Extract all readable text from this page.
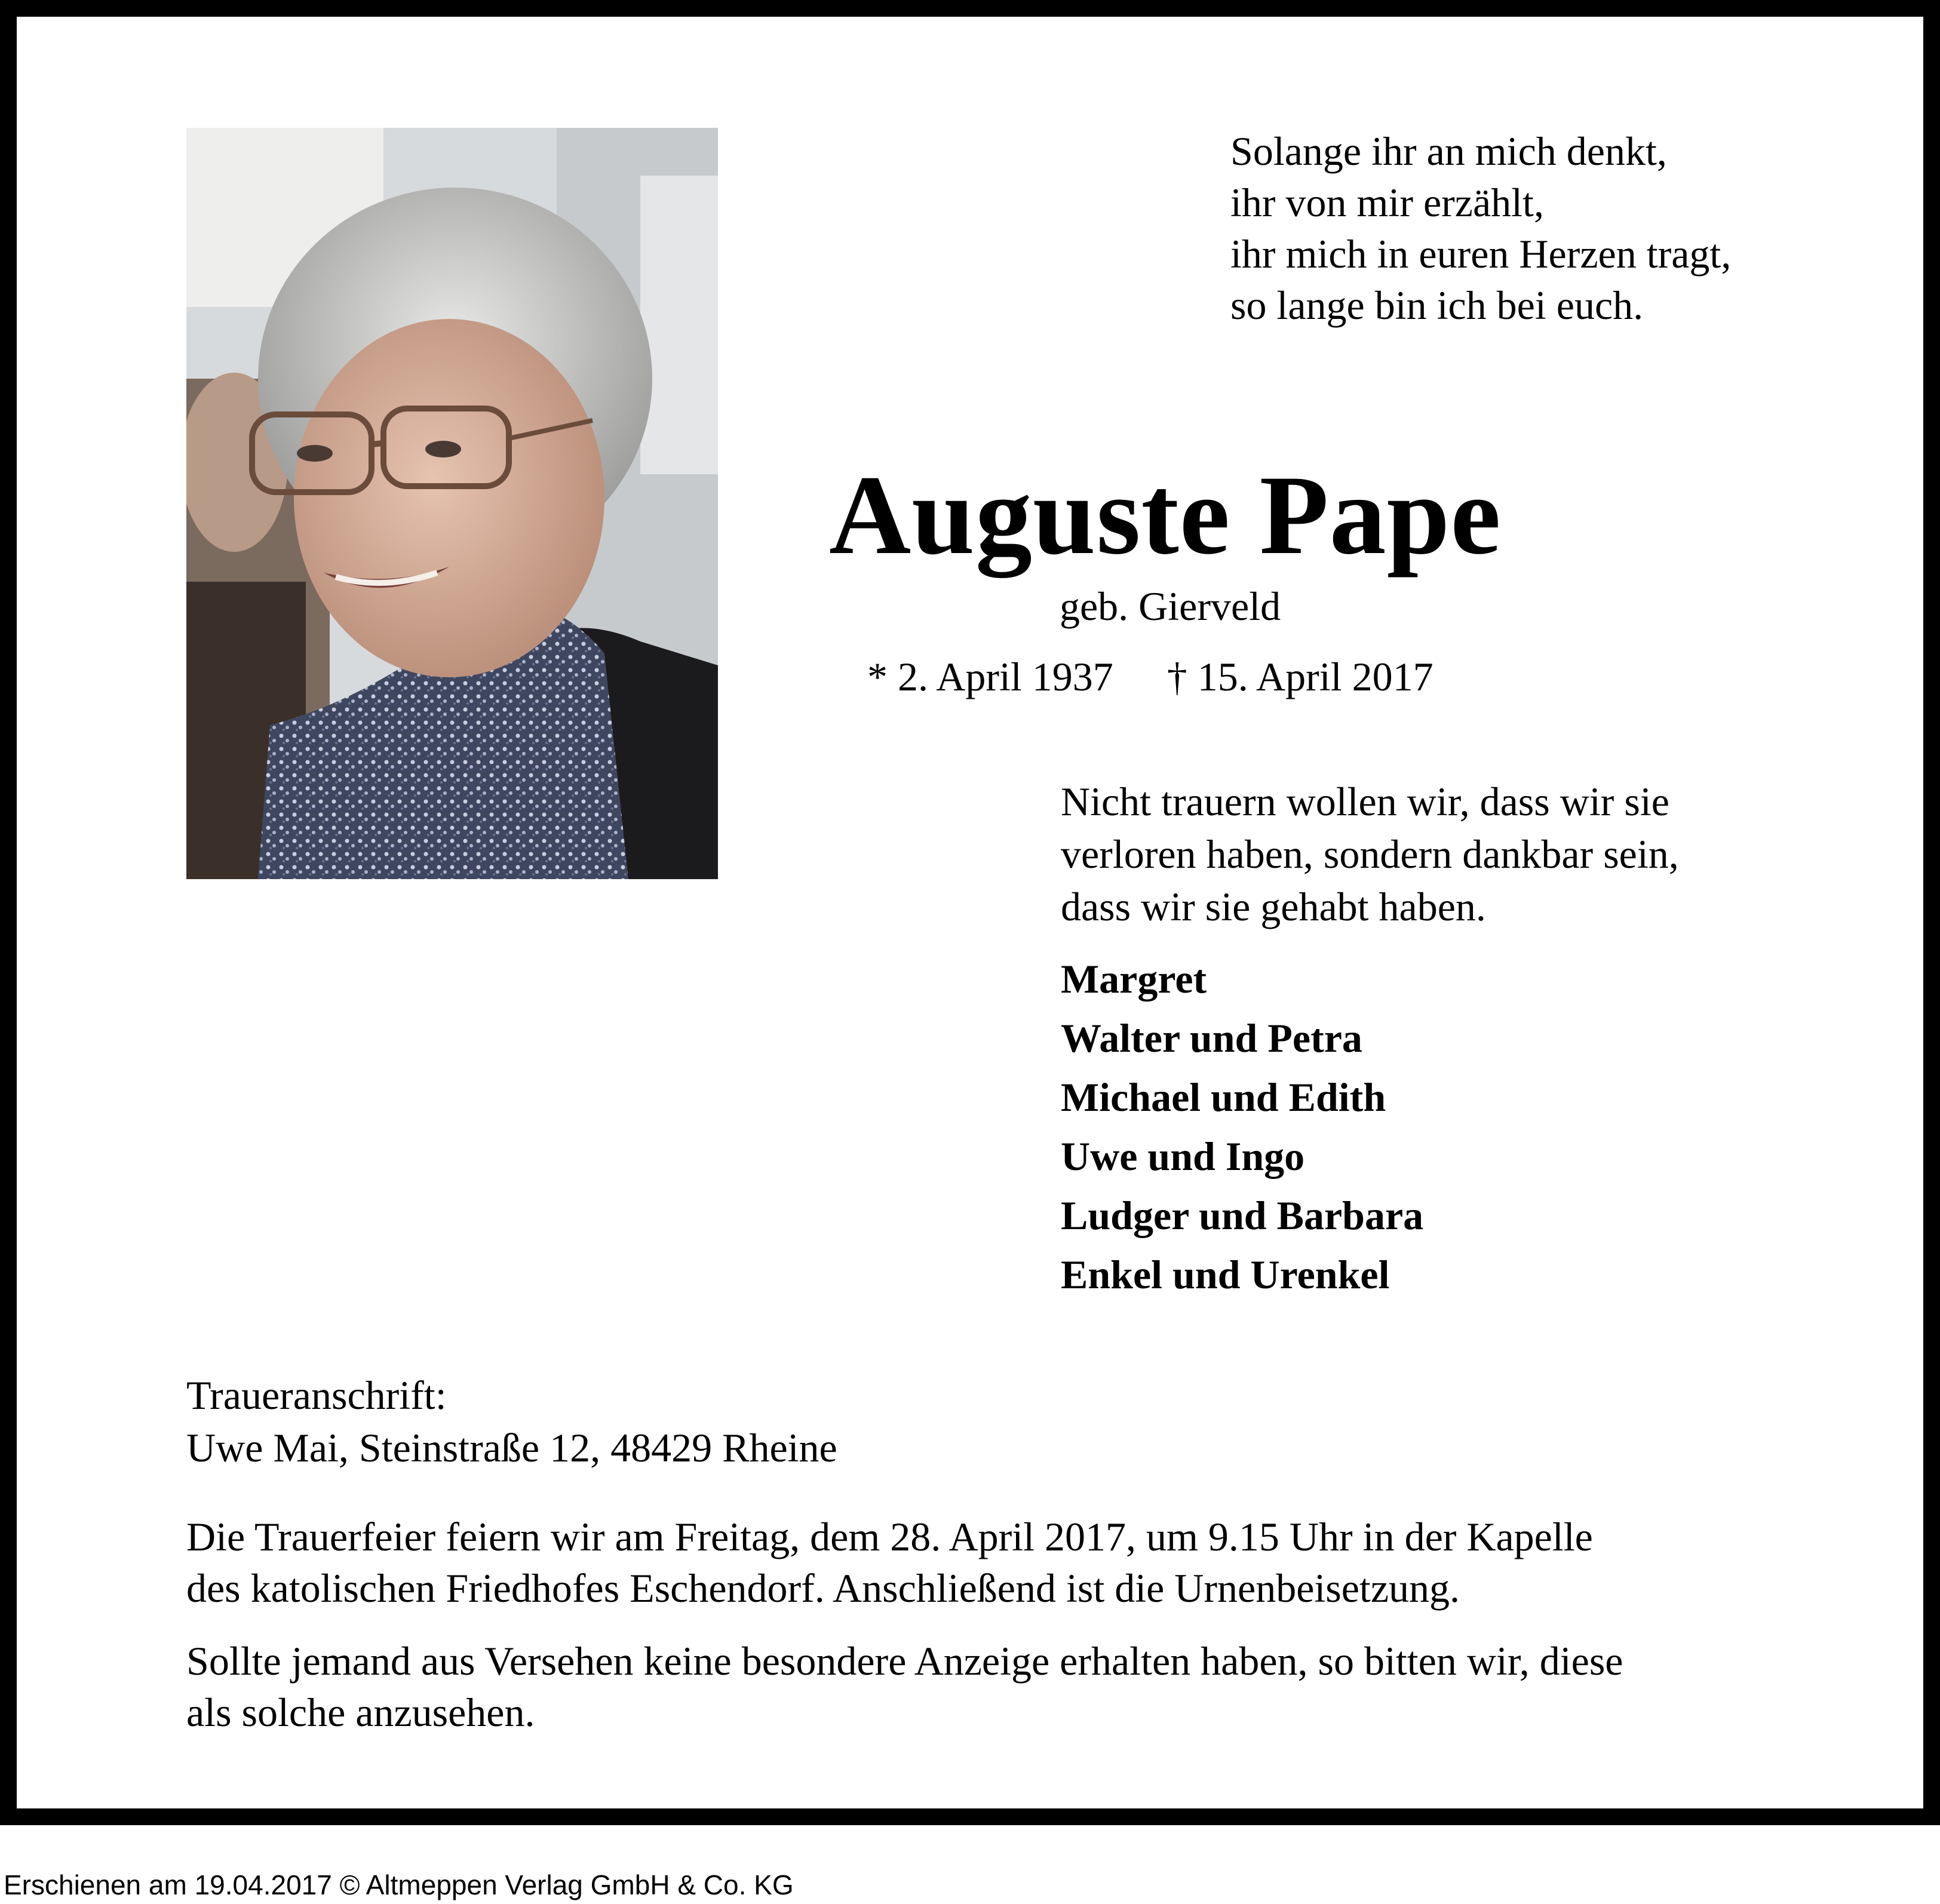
Solange ihr an mich denkt,
ihr von mir erzählt,
ihr mich in euren Herzen tragt,
so lange bin ich bei euch.
Auguste Pape
geb. Gierveld
* 2. April 1937 † 15. April 2017
Nicht trauern wollen wir, dass wir sie
verloren haben, sondern dankbar sein,
dass wir sie gehabt haben.
Margret
Walter und Petra
Michael und Edith
Uwe und Ingo
Ludger und Barbara
Enkel und Urenkel
Traueranschrift:
Uwe Mai, Steinstraße 12, 48429 Rheine
Die Trauerfeier feiern wir am Freitag, dem 28. April 2017, um 9.15 Uhr in der Kapelle
des katolischen Friedhofes Eschendorf. Anschließend ist die Urnenbeisetzung.
Sollte jemand aus Versehen keine besondere Anzeige erhalten haben, so bitten wir, diese
als solche anzusehen.
Erschienen am 19.04.2017 © Altmeppen Verlag GmbH & Co. KG
